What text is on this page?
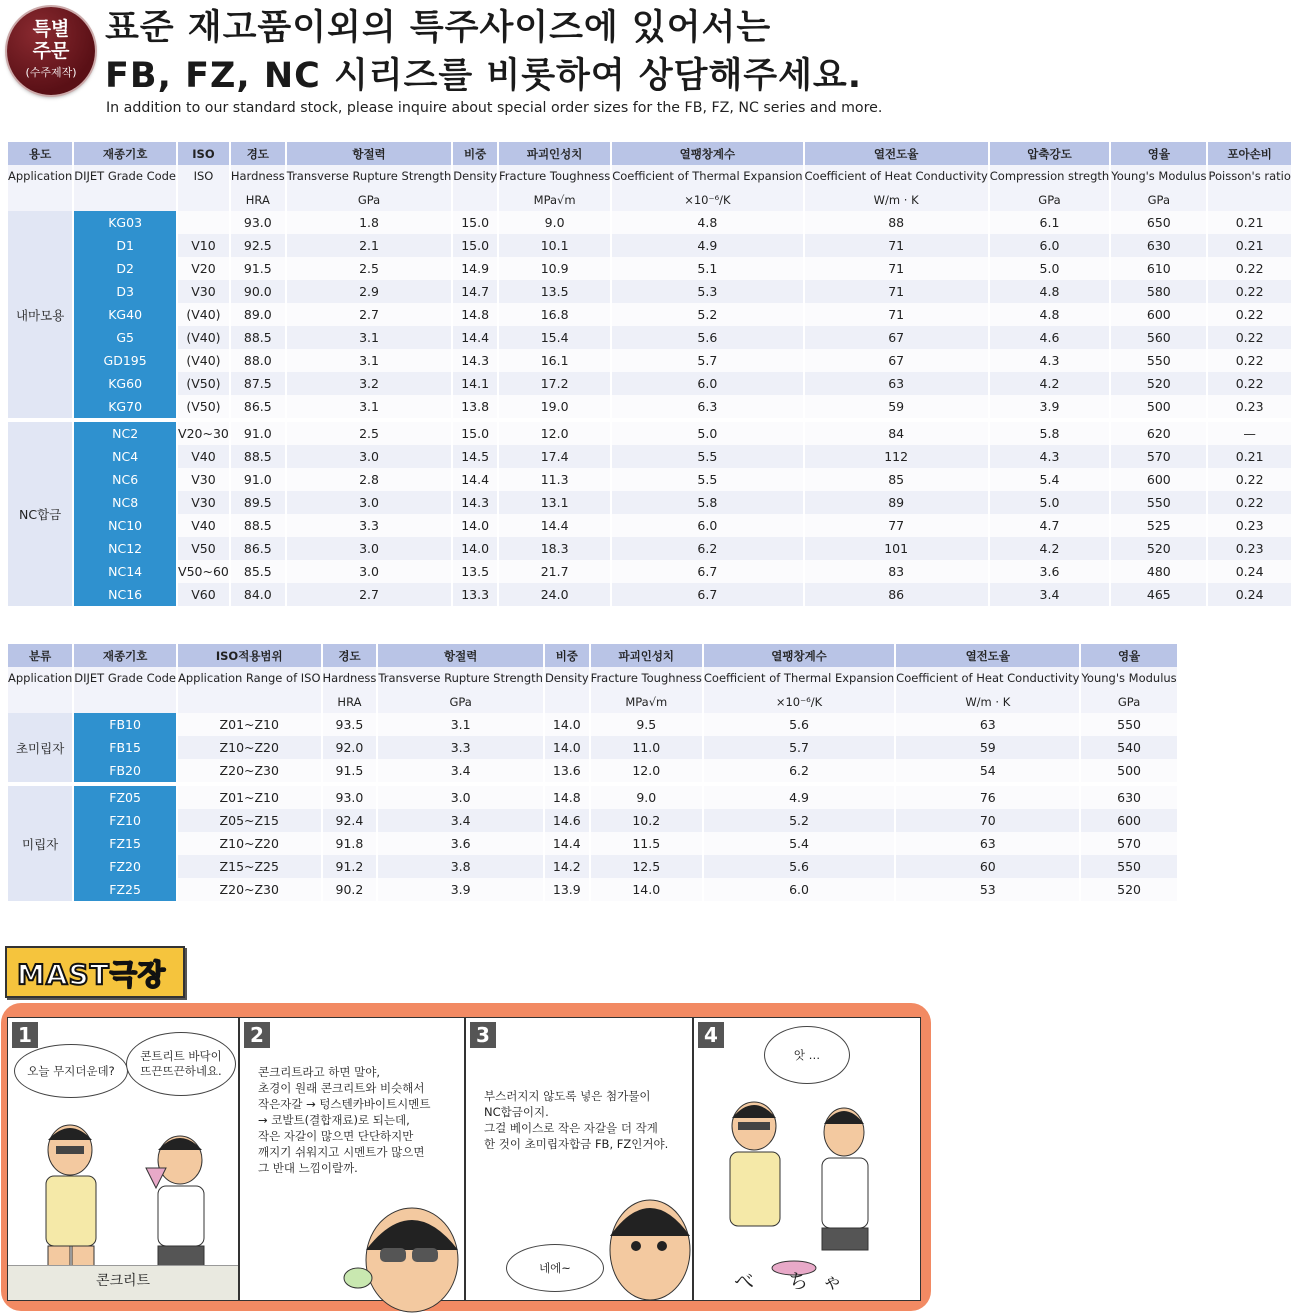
특별
주문
(수주제작)
표준 재고품이외의 특주사이즈에 있어서는
FB, FZ, NC 시리즈를 비롯하여 상담해주세요.
In addition to our standard stock, please inquire about special order sizes for the FB, FZ, NC series and more.
용도	재종기호	ISO	경도	항절력	비중	파괴인성치	열팽창계수	열전도율	압축강도	영율	포아손비
Application	DIJET Grade Code	ISO	Hardness	Transverse Rupture Strength	Density	Fracture Toughness	Coefficient of Thermal Expansion	Coefficient of Heat Conductivity	Compression stregth	Young's Modulus	Poisson's ratio
			HRA	GPa		MPa√m	×10⁻⁶/K	W/m · K	GPa	GPa	
내마모용	KG03		93.0	1.8	15.0	9.0	4.8	88	6.1	650	0.21
	D1	V10	92.5	2.1	15.0	10.1	4.9	71	6.0	630	0.21
	D2	V20	91.5	2.5	14.9	10.9	5.1	71	5.0	610	0.22
	D3	V30	90.0	2.9	14.7	13.5	5.3	71	4.8	580	0.22
	KG40	(V40)	89.0	2.7	14.8	16.8	5.2	71	4.8	600	0.22
	G5	(V40)	88.5	3.1	14.4	15.4	5.6	67	4.6	560	0.22
	GD195	(V40)	88.0	3.1	14.3	16.1	5.7	67	4.3	550	0.22
	KG60	(V50)	87.5	3.2	14.1	17.2	6.0	63	4.2	520	0.22
	KG70	(V50)	86.5	3.1	13.8	19.0	6.3	59	3.9	500	0.23
NC합금	NC2	V20~30	91.0	2.5	15.0	12.0	5.0	84	5.8	620	—
	NC4	V40	88.5	3.0	14.5	17.4	5.5	112	4.3	570	0.21
	NC6	V30	91.0	2.8	14.4	11.3	5.5	85	5.4	600	0.22
	NC8	V30	89.5	3.0	14.3	13.1	5.8	89	5.0	550	0.22
	NC10	V40	88.5	3.3	14.0	14.4	6.0	77	4.7	525	0.23
	NC12	V50	86.5	3.0	14.0	18.3	6.2	101	4.2	520	0.23
	NC14	V50~60	85.5	3.0	13.5	21.7	6.7	83	3.6	480	0.24
	NC16	V60	84.0	2.7	13.3	24.0	6.7	86	3.4	465	0.24
분류	재종기호	ISO적용범위	경도	항절력	비중	파괴인성치	열팽창계수	열전도율	영율
Application	DIJET Grade Code	Application Range of ISO	Hardness	Transverse Rupture Strength	Density	Fracture Toughness	Coefficient of Thermal Expansion	Coefficient of Heat Conductivity	Young's Modulus
			HRA	GPa		MPa√m	×10⁻⁶/K	W/m · K	GPa
초미립자	FB10	Z01~Z10	93.5	3.1	14.0	9.5	5.6	63	550
	FB15	Z10~Z20	92.0	3.3	14.0	11.0	5.7	59	540
	FB20	Z20~Z30	91.5	3.4	13.6	12.0	6.2	54	500
미립자	FZ05	Z01~Z10	93.0	3.0	14.8	9.0	4.9	76	630
	FZ10	Z05~Z15	92.4	3.4	14.6	10.2	5.2	70	600
	FZ15	Z10~Z20	91.8	3.6	14.4	11.5	5.4	63	570
	FZ20	Z15~Z25	91.2	3.8	14.2	12.5	5.6	60	550
	FZ25	Z20~Z30	90.2	3.9	13.9	14.0	6.0	53	520
MAST극장
1
오늘 무지더운데?
콘트리트 바닥이
뜨끈뜨끈하네요.
콘크리트
2
콘크리트라고 하면 말야,
초경이 원래 콘크리트와 비슷해서
작은자갈 → 텅스텐카바이트시멘트
→ 코발트(결합재료)로 되는데,
작은 자갈이 많으면 단단하지만
깨지기 쉬워지고 시멘트가 많으면
그 반대 느낌이랄까.
3
부스러지지 않도록 넣은 첨가물이
NC합금이지.
그걸 베이스로 작은 자갈을 더 작게
한 것이 초미립자합금 FB, FZ인거야.
네에~
4
앗 …
べ ちゃ
